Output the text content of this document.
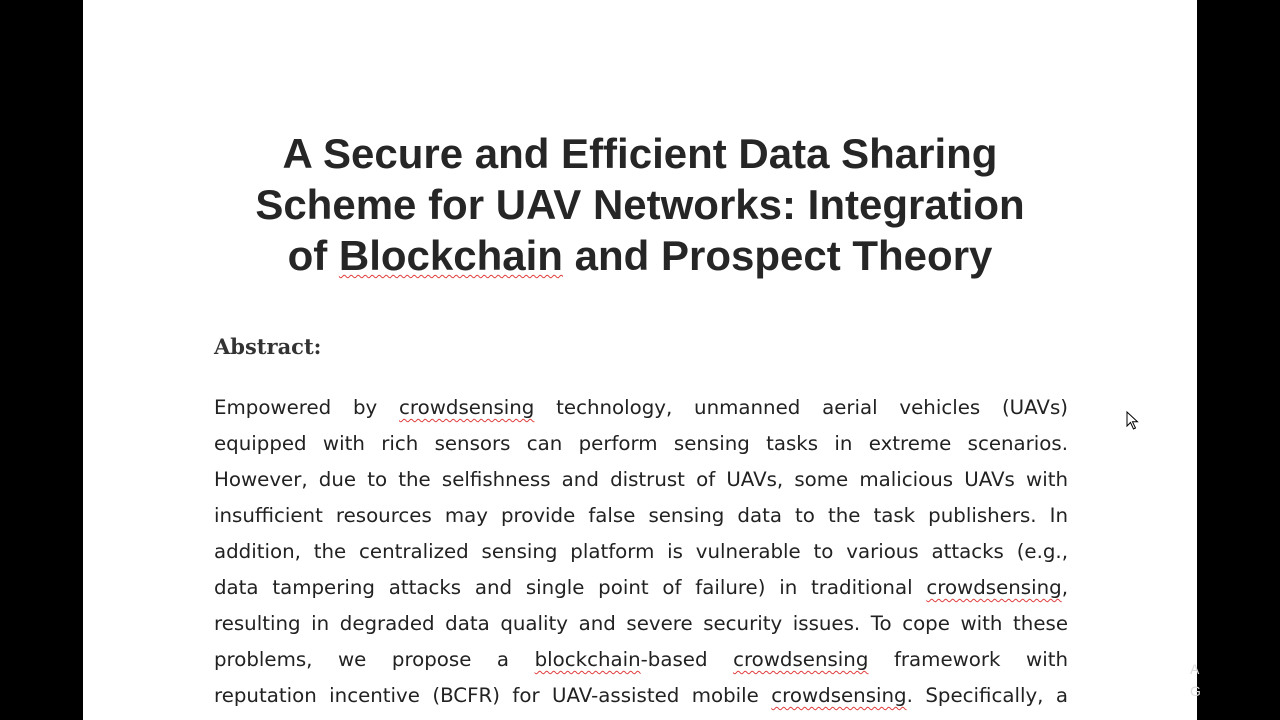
A Secure and Efficient Data Sharing
Scheme for UAV Networks: Integration
of Blockchain and Prospect Theory
Abstract:
Empowered by crowdsensing technology, unmanned aerial vehicles (UAVs)
equipped with rich sensors can perform sensing tasks in extreme scenarios.
However, due to the selfishness and distrust of UAVs, some malicious UAVs with
insufficient resources may provide false sensing data to the task publishers. In
addition, the centralized sensing platform is vulnerable to various attacks (e.g.,
data tampering attacks and single point of failure) in traditional crowdsensing,
resulting in degraded data quality and severe security issues. To cope with these
problems, we propose a blockchain-based crowdsensing framework with
reputation incentive (BCFR) for UAV-assisted mobile crowdsensing. Specifically, a
A
G
